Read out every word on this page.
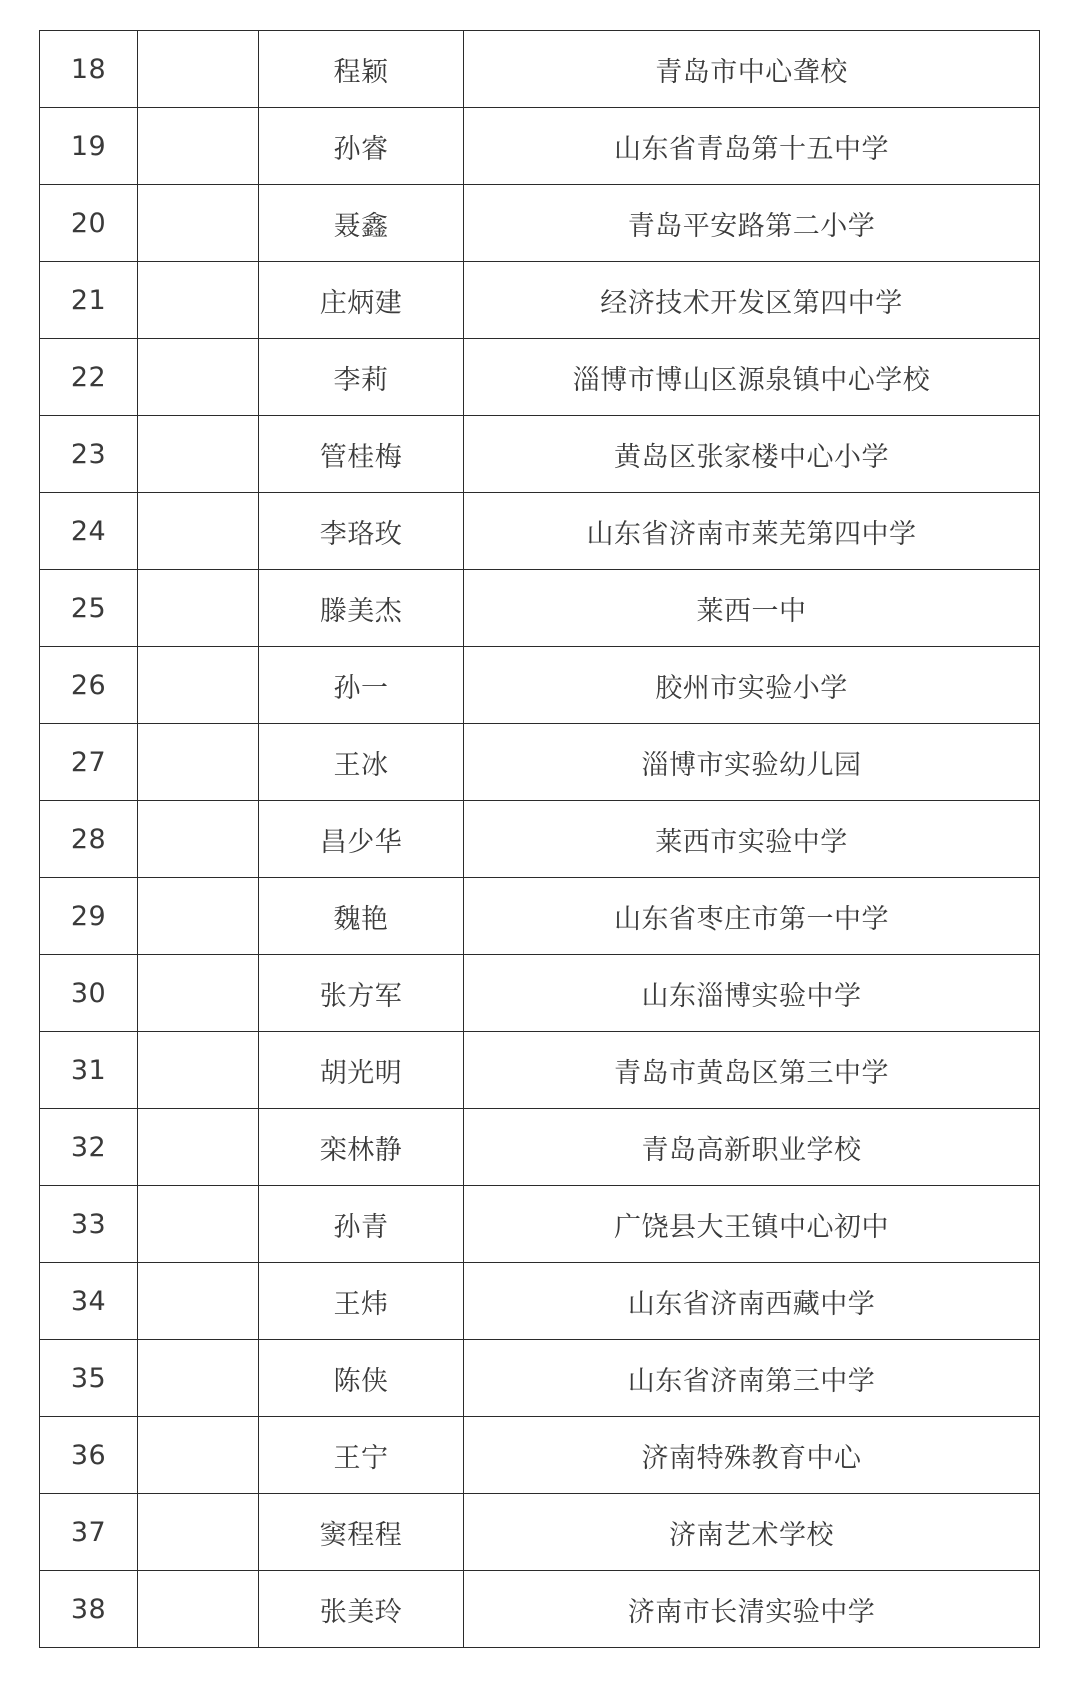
18		程颖	青岛市中心聋校
19		孙睿	山东省青岛第十五中学
20		聂鑫	青岛平安路第二小学
21		庄炳建	经济技术开发区第四中学
22		李莉	淄博市博山区源泉镇中心学校
23		管桂梅	黄岛区张家楼中心小学
24		李珞玫	山东省济南市莱芜第四中学
25		滕美杰	莱西一中
26		孙一	胶州市实验小学
27		王冰	淄博市实验幼儿园
28		昌少华	莱西市实验中学
29		魏艳	山东省枣庄市第一中学
30		张方军	山东淄博实验中学
31		胡光明	青岛市黄岛区第三中学
32		栾林静	青岛高新职业学校
33		孙青	广饶县大王镇中心初中
34		王炜	山东省济南西藏中学
35		陈侠	山东省济南第三中学
36		王宁	济南特殊教育中心
37		窦程程	济南艺术学校
38		张美玲	济南市长清实验中学
